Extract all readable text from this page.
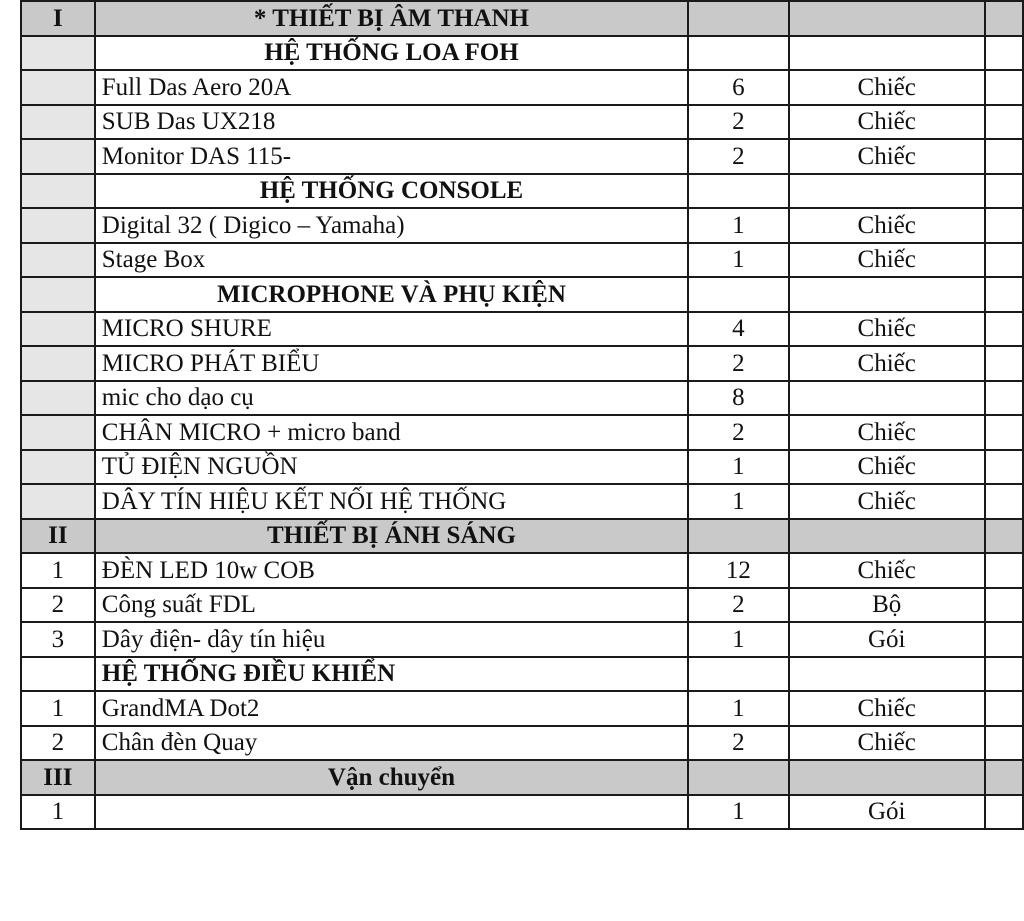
I	* THIẾT BỊ ÂM THANH			
	HỆ THỐNG LOA FOH			
	Full Das Aero 20A	6	Chiếc	
	SUB Das UX218	2	Chiếc	
	Monitor DAS 115-	2	Chiếc	
	HỆ THỐNG CONSOLE			
	Digital 32 ( Digico – Yamaha)	1	Chiếc	
	Stage Box	1	Chiếc	
	MICROPHONE VÀ PHỤ KIỆN			
	MICRO SHURE	4	Chiếc	
	MICRO PHÁT BIỂU	2	Chiếc	
	mic cho dạo cụ	8		
	CHÂN MICRO + micro band	2	Chiếc	
	TỦ ĐIỆN NGUỒN	1	Chiếc	
	DÂY TÍN HIỆU KẾT NỐI HỆ THỐNG	1	Chiếc	
II	THIẾT BỊ ÁNH SÁNG			
1	ĐÈN LED 10w COB	12	Chiếc	
2	Công suất FDL	2	Bộ	
3	Dây điện- dây tín hiệu	1	Gói	
	HỆ THỐNG ĐIỀU KHIỂN			
1	GrandMA Dot2	1	Chiếc	
2	Chân đèn Quay	2	Chiếc	
III	Vận chuyển			
1		1	Gói	
